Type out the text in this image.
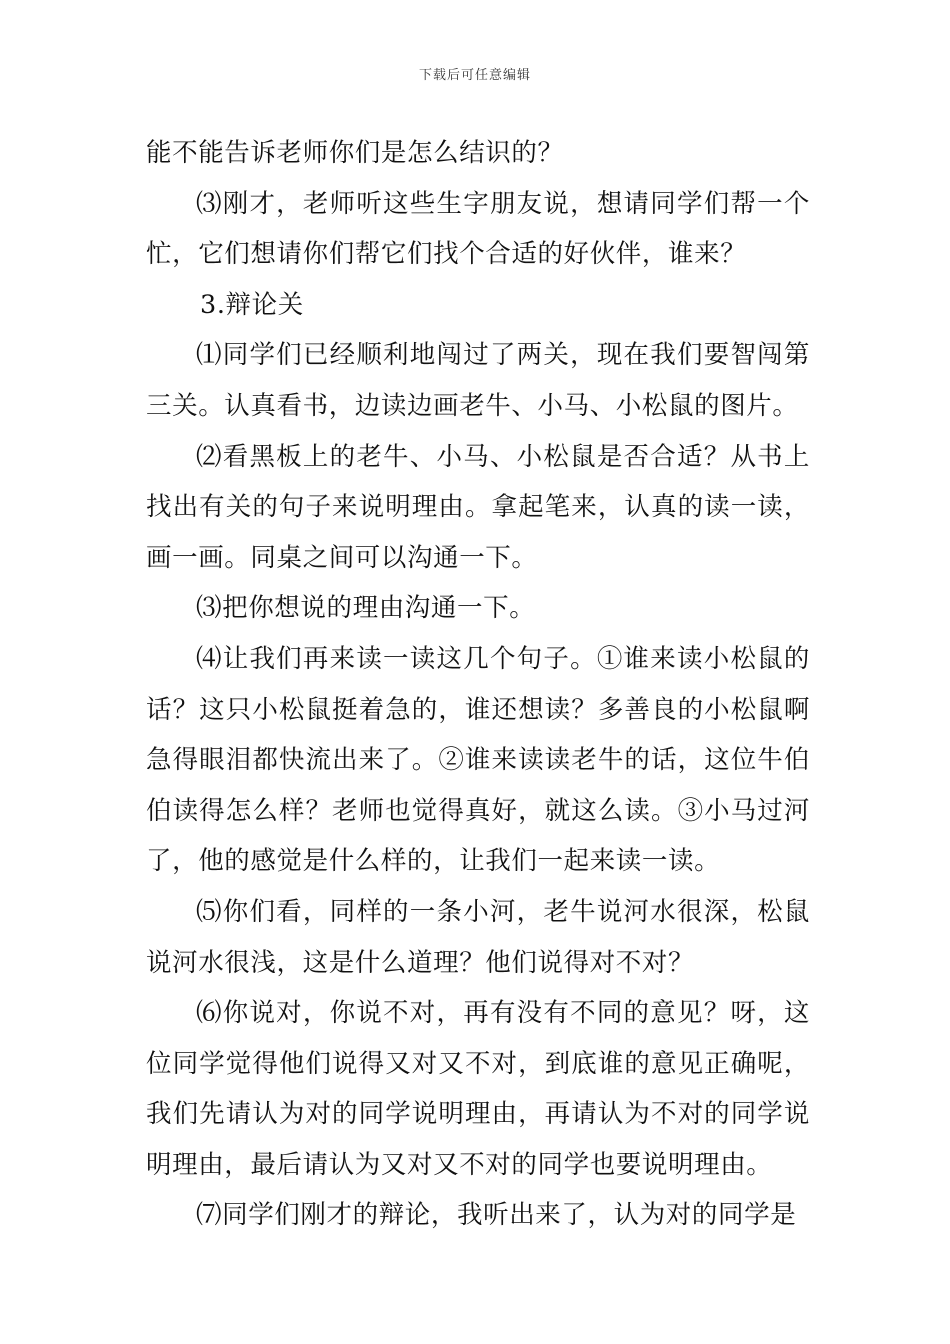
下载后可任意编辑

能不能告诉老师你们是怎么结识的？

⑶刚才，老师听这些生字朋友说，想请同学们帮一个忙，它们想请你们帮它们找个合适的好伙伴，谁来？

3.辩论关

⑴同学们已经顺利地闯过了两关，现在我们要智闯第三关。认真看书，边读边画老牛、小马、小松鼠的图片。

⑵看黑板上的老牛、小马、小松鼠是否合适？从书上找出有关的句子来说明理由。拿起笔来，认真的读一读，画一画。同桌之间可以沟通一下。

⑶把你想说的理由沟通一下。

⑷让我们再来读一读这几个句子。①谁来读小松鼠的话？这只小松鼠挺着急的，谁还想读？多善良的小松鼠啊急得眼泪都快流出来了。②谁来读读老牛的话，这位牛伯伯读得怎么样？老师也觉得真好，就这么读。③小马过河了，他的感觉是什么样的，让我们一起来读一读。

⑸你们看，同样的一条小河，老牛说河水很深，松鼠说河水很浅，这是什么道理？他们说得对不对？

⑹你说对，你说不对，再有没有不同的意见？呀，这位同学觉得他们说得又对又不对，到底谁的意见正确呢，我们先请认为对的同学说明理由，再请认为不对的同学说明理由，最后请认为又对又不对的同学也要说明理由。

⑺同学们刚才的辩论，我听出来了，认为对的同学是
